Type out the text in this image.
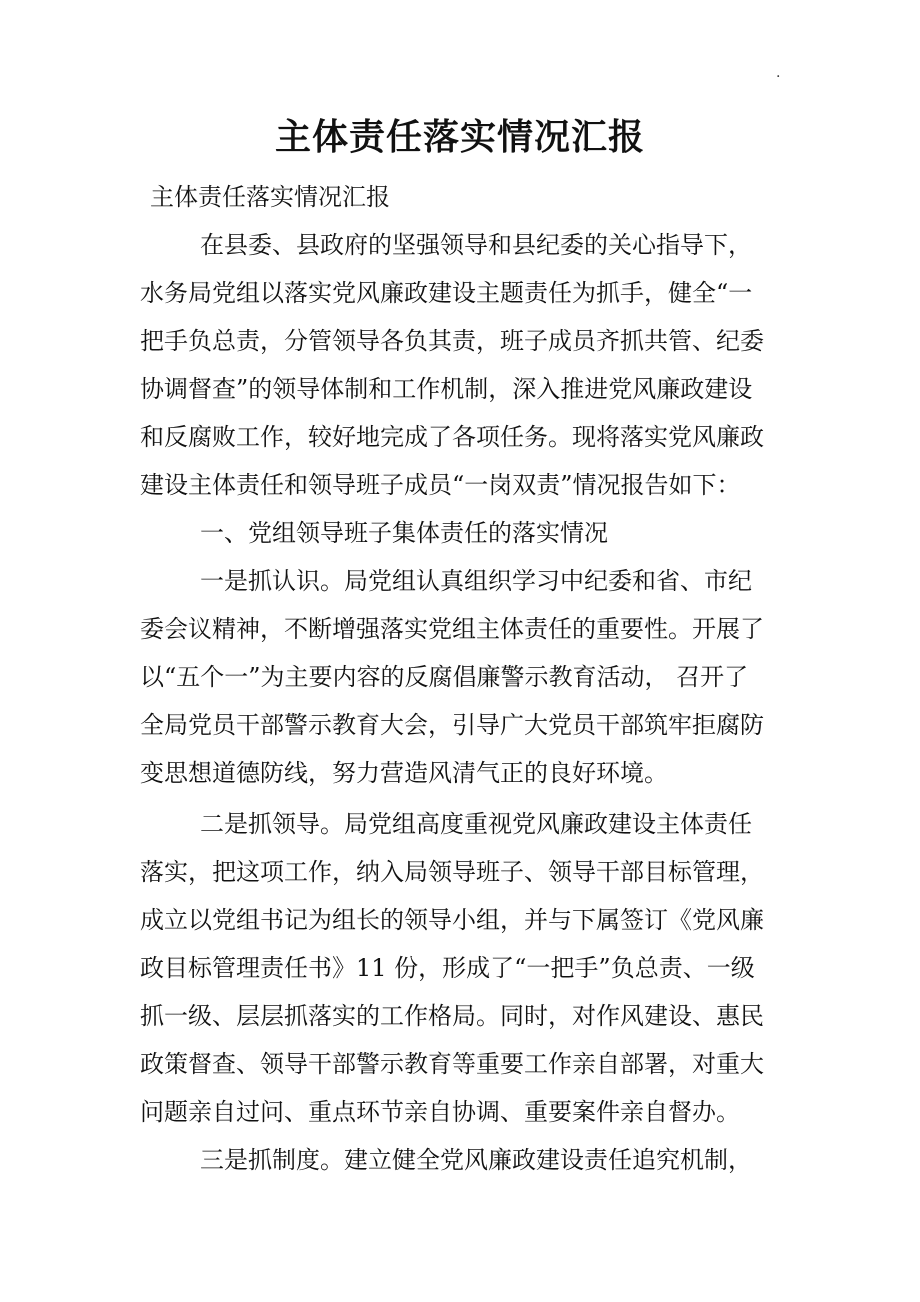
.
主体责任落实情况汇报

主体责任落实情况汇报

在县委、县政府的坚强领导和县纪委的关心指导下，

水务局党组以落实党风廉政建设主题责任为抓手，健全“一

把手负总责，分管领导各负其责，班子成员齐抓共管、纪委

协调督查”的领导体制和工作机制，深入推进党风廉政建设

和反腐败工作，较好地完成了各项任务。现将落实党风廉政

建设主体责任和领导班子成员“一岗双责”情况报告如下：

一、党组领导班子集体责任的落实情况

一是抓认识。局党组认真组织学习中纪委和省、市纪

委会议精神，不断增强落实党组主体责任的重要性。开展了

以“五个一”为主要内容的反腐倡廉警示教育活动， 召开了

全局党员干部警示教育大会，引导广大党员干部筑牢拒腐防

变思想道德防线，努力营造风清气正的良好环境。

二是抓领导。局党组高度重视党风廉政建设主体责任

落实，把这项工作，纳入局领导班子、领导干部目标管理，

成立以党组书记为组长的领导小组，并与下属签订《党风廉

政目标管理责任书》11 份，形成了“一把手”负总责、一级

抓一级、层层抓落实的工作格局。同时，对作风建设、惠民

政策督查、领导干部警示教育等重要工作亲自部署，对重大

问题亲自过问、重点环节亲自协调、重要案件亲自督办。

三是抓制度。建立健全党风廉政建设责任追究机制，
